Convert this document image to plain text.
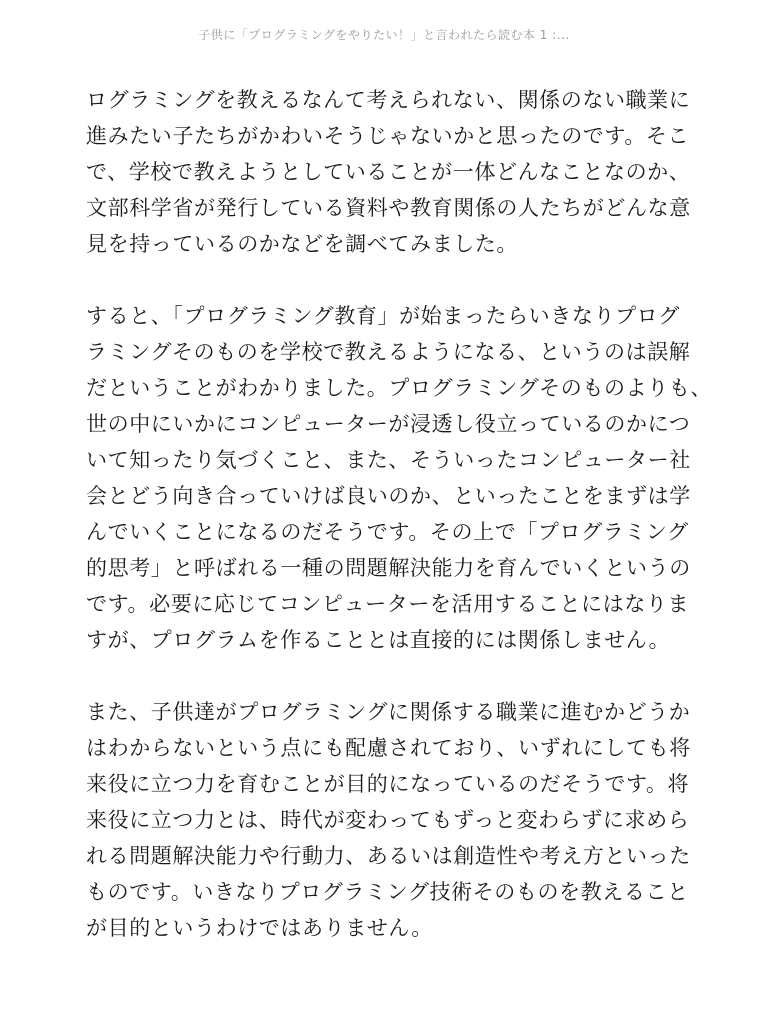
子供に「プログラミングをやりたい！」と言われたら読む本 1 :...
ログラミングを教えるなんて考えられない、関係のない職業に
進みたい子たちがかわいそうじゃないかと思ったのです。そこ
で、学校で教えようとしていることが一体どんなことなのか、
文部科学省が発行している資料や教育関係の人たちがどんな意
見を持っているのかなどを調べてみました。
すると、「プログラミング教育」が始まったらいきなりプログ
ラミングそのものを学校で教えるようになる、というのは誤解
だということがわかりました。プログラミングそのものよりも、
世の中にいかにコンピューターが浸透し役立っているのかにつ
いて知ったり気づくこと、また、そういったコンピューター社
会とどう向き合っていけば良いのか、といったことをまずは学
んでいくことになるのだそうです。その上で「プログラミング
的思考」と呼ばれる一種の問題解決能力を育んでいくというの
です。必要に応じてコンピューターを活用することにはなりま
すが、プログラムを作ることとは直接的には関係しません。
また、子供達がプログラミングに関係する職業に進むかどうか
はわからないという点にも配慮されており、いずれにしても将
来役に立つ力を育むことが目的になっているのだそうです。将
来役に立つ力とは、時代が変わってもずっと変わらずに求めら
れる問題解決能力や行動力、あるいは創造性や考え方といった
ものです。いきなりプログラミング技術そのものを教えること
が目的というわけではありません。
